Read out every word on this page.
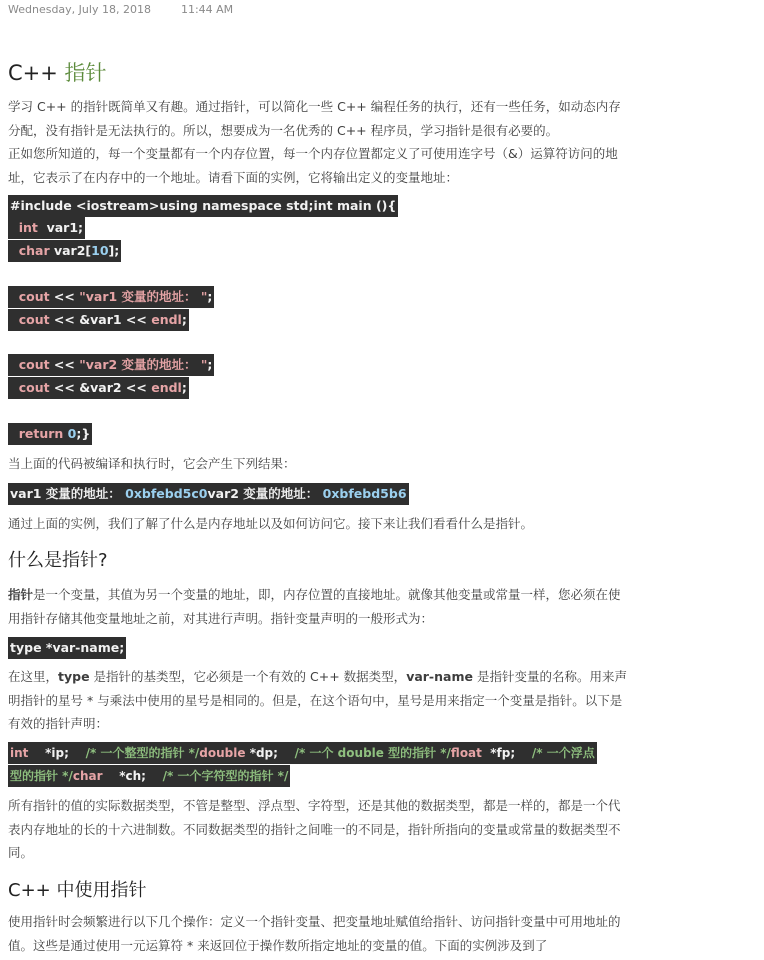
Wednesday, July 18, 2018	11:44 AM
C++ 指针
学习 C++ 的指针既简单又有趣。通过指针，可以简化一些 C++ 编程任务的执行，还有一些任务，如动态内存分配，没有指针是无法执行的。所以，想要成为一名优秀的 C++ 程序员，学习指针是很有必要的。
正如您所知道的，每一个变量都有一个内存位置，每一个内存位置都定义了可使用连字号（&）运算符访问的地址，它表示了在内存中的一个地址。请看下面的实例，它将输出定义的变量地址：
#include <iostream>using namespace std;int main (){
int  var1;
char var2[10];
cout << "var1 变量的地址： ";
cout << &var1 << endl;
cout << "var2 变量的地址： ";
cout << &var2 << endl;
return 0;}
当上面的代码被编译和执行时，它会产生下列结果：
var1 变量的地址： 0xbfebd5c0var2 变量的地址： 0xbfebd5b6
通过上面的实例，我们了解了什么是内存地址以及如何访问它。接下来让我们看看什么是指针。
什么是指针?
指针是一个变量，其值为另一个变量的地址，即，内存位置的直接地址。就像其他变量或常量一样，您必须在使用指针存储其他变量地址之前，对其进行声明。指针变量声明的一般形式为：
type *var-name;
在这里，type 是指针的基类型，它必须是一个有效的 C++ 数据类型，var-name 是指针变量的名称。用来声明指针的星号 * 与乘法中使用的星号是相同的。但是，在这个语句中，星号是用来指定一个变量是指针。以下是有效的指针声明：
int    *ip;    /* 一个整型的指针 */double *dp;    /* 一个 double 型的指针 */float  *fp;    /* 一个浮点
型的指针 */char    *ch;    /* 一个字符型的指针 */
所有指针的值的实际数据类型，不管是整型、浮点型、字符型，还是其他的数据类型，都是一样的，都是一个代表内存地址的长的十六进制数。不同数据类型的指针之间唯一的不同是，指针所指向的变量或常量的数据类型不同。
C++ 中使用指针
使用指针时会频繁进行以下几个操作：定义一个指针变量、把变量地址赋值给指针、访问指针变量中可用地址的值。这些是通过使用一元运算符 * 来返回位于操作数所指定地址的变量的值。下面的实例涉及到了
